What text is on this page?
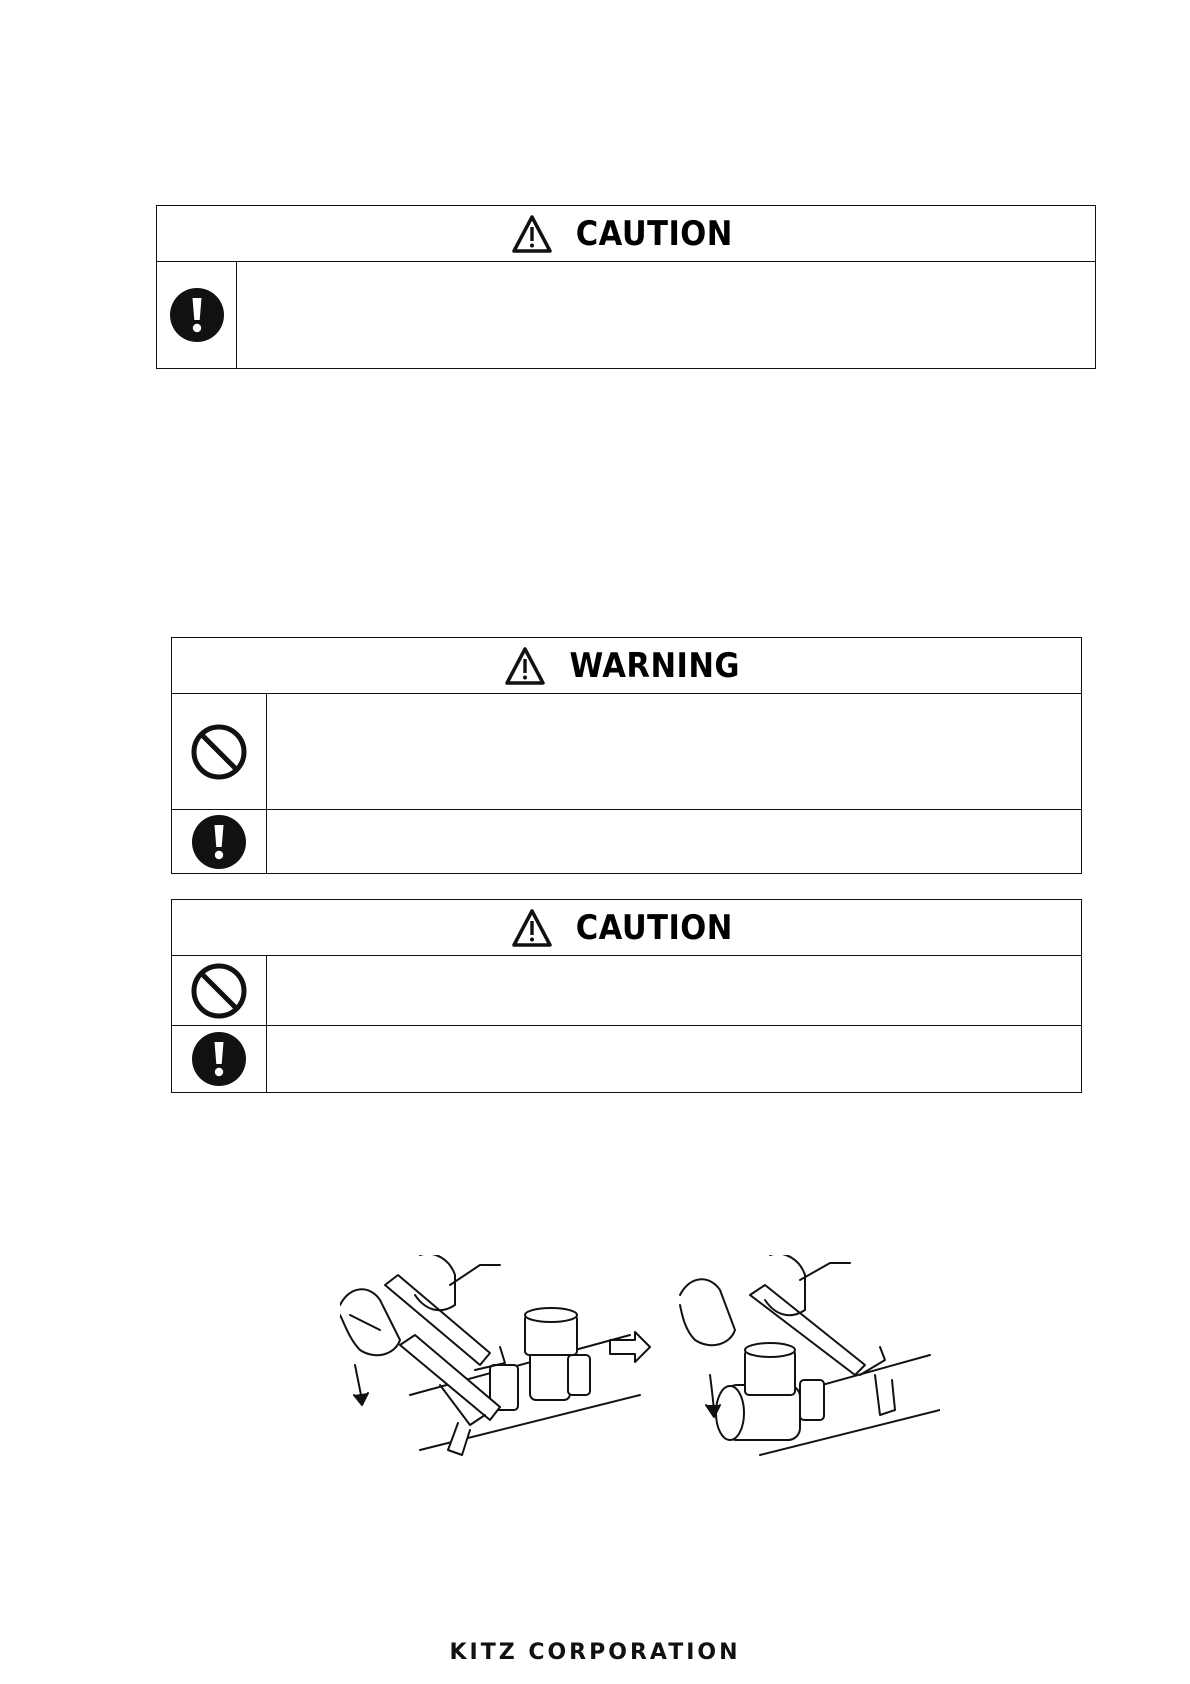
CAUTION
WARNING
CAUTION
KITZ CORPORATION
